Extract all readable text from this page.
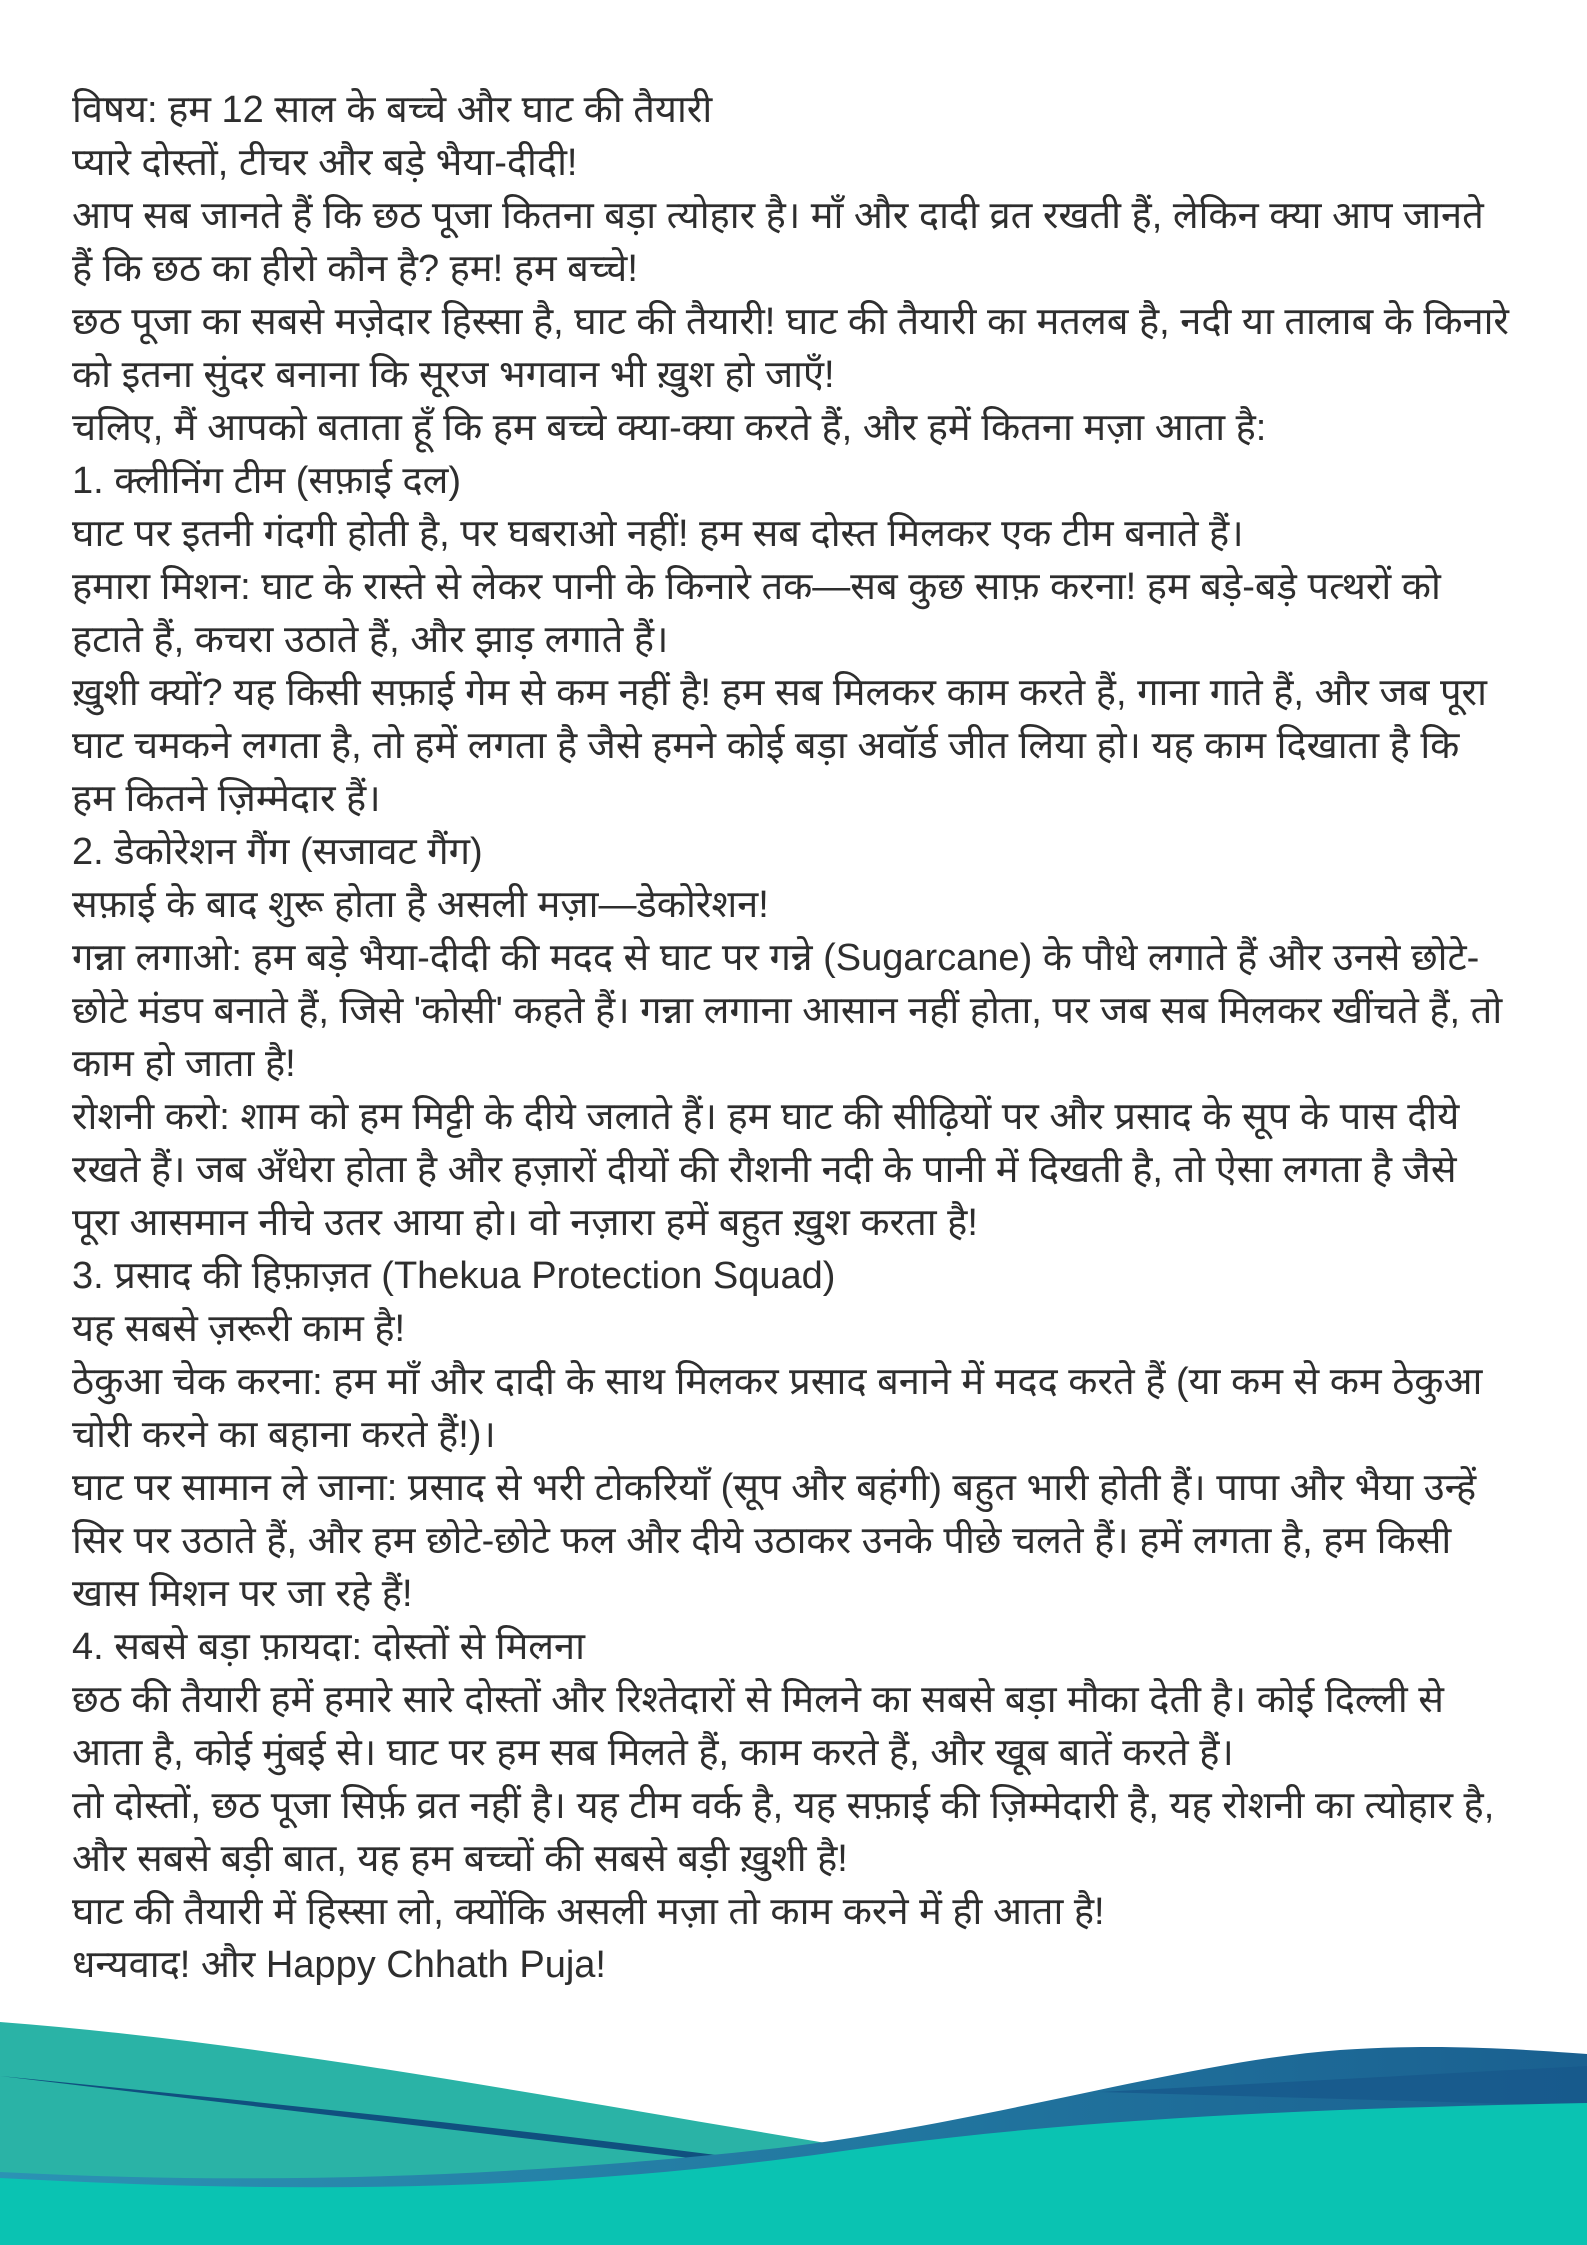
विषय: हम 12 साल के बच्चे और घाट की तैयारी

प्यारे दोस्तों, टीचर और बड़े भैया-दीदी!

आप सब जानते हैं कि छठ पूजा कितना बड़ा त्योहार है। माँ और दादी व्रत रखती हैं, लेकिन क्या आप जानते हैं कि छठ का हीरो कौन है? हम! हम बच्चे!

छठ पूजा का सबसे मज़ेदार हिस्सा है, घाट की तैयारी! घाट की तैयारी का मतलब है, नदी या तालाब के किनारे को इतना सुंदर बनाना कि सूरज भगवान भी ख़ुश हो जाएँ!

चलिए, मैं आपको बताता हूँ कि हम बच्चे क्या-क्या करते हैं, और हमें कितना मज़ा आता है:

1. क्लीनिंग टीम (सफ़ाई दल)

घाट पर इतनी गंदगी होती है, पर घबराओ नहीं! हम सब दोस्त मिलकर एक टीम बनाते हैं।

हमारा मिशन: घाट के रास्ते से लेकर पानी के किनारे तक—सब कुछ साफ़ करना! हम बड़े-बड़े पत्थरों को हटाते हैं, कचरा उठाते हैं, और झाड़ लगाते हैं।

ख़ुशी क्यों? यह किसी सफ़ाई गेम से कम नहीं है! हम सब मिलकर काम करते हैं, गाना गाते हैं, और जब पूरा घाट चमकने लगता है, तो हमें लगता है जैसे हमने कोई बड़ा अवॉर्ड जीत लिया हो। यह काम दिखाता है कि हम कितने ज़िम्मेदार हैं।

2. डेकोरेशन गैंग (सजावट गैंग)

सफ़ाई के बाद शुरू होता है असली मज़ा—डेकोरेशन!

गन्ना लगाओ: हम बड़े भैया-दीदी की मदद से घाट पर गन्ने (Sugarcane) के पौधे लगाते हैं और उनसे छोटे-छोटे मंडप बनाते हैं, जिसे 'कोसी' कहते हैं। गन्ना लगाना आसान नहीं होता, पर जब सब मिलकर खींचते हैं, तो काम हो जाता है!

रोशनी करो: शाम को हम मिट्टी के दीये जलाते हैं। हम घाट की सीढ़ियों पर और प्रसाद के सूप के पास दीये रखते हैं। जब अँधेरा होता है और हज़ारों दीयों की रौशनी नदी के पानी में दिखती है, तो ऐसा लगता है जैसे पूरा आसमान नीचे उतर आया हो। वो नज़ारा हमें बहुत ख़ुश करता है!

3. प्रसाद की हिफ़ाज़त (Thekua Protection Squad)

यह सबसे ज़रूरी काम है!

ठेकुआ चेक करना: हम माँ और दादी के साथ मिलकर प्रसाद बनाने में मदद करते हैं (या कम से कम ठेकुआ चोरी करने का बहाना करते हैं!)।

घाट पर सामान ले जाना: प्रसाद से भरी टोकरियाँ (सूप और बहंगी) बहुत भारी होती हैं। पापा और भैया उन्हें सिर पर उठाते हैं, और हम छोटे-छोटे फल और दीये उठाकर उनके पीछे चलते हैं। हमें लगता है, हम किसी खास मिशन पर जा रहे हैं!

4. सबसे बड़ा फ़ायदा: दोस्तों से मिलना

छठ की तैयारी हमें हमारे सारे दोस्तों और रिश्तेदारों से मिलने का सबसे बड़ा मौका देती है। कोई दिल्ली से आता है, कोई मुंबई से। घाट पर हम सब मिलते हैं, काम करते हैं, और खूब बातें करते हैं।

तो दोस्तों, छठ पूजा सिर्फ़ व्रत नहीं है। यह टीम वर्क है, यह सफ़ाई की ज़िम्मेदारी है, यह रोशनी का त्योहार है, और सबसे बड़ी बात, यह हम बच्चों की सबसे बड़ी ख़ुशी है!

घाट की तैयारी में हिस्सा लो, क्योंकि असली मज़ा तो काम करने में ही आता है!

धन्यवाद! और Happy Chhath Puja!
